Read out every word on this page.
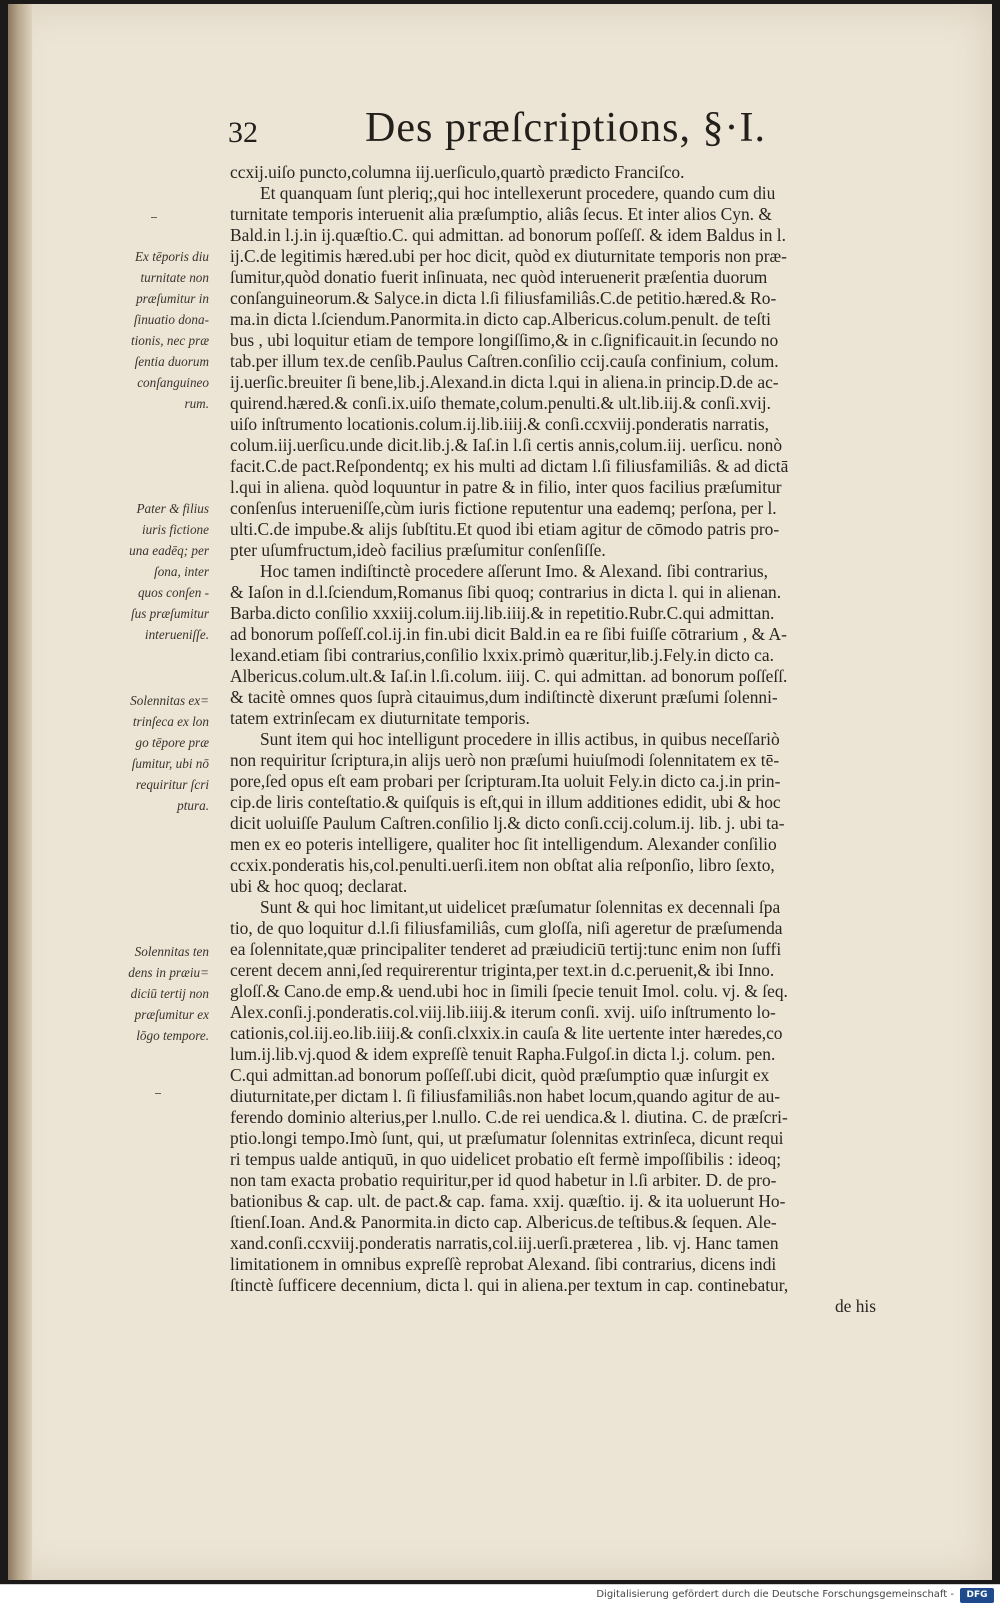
32	Des præſcriptions, §·I.
ccxij.uiſo puncto,columna iij.uerſiculo,quartò prædicto Franciſco.
Et quanquam ſunt pleriq;,qui hoc intellexerunt procedere, quando cum diu
turnitate temporis interuenit alia præſumptio, aliâs ſecus. Et inter alios Cyn. &
Bald.in l.j.in ij.quæſtio.C. qui admittan. ad bonorum poſſeſſ. & idem Baldus in l.
ij.C.de legitimis hæred.ubi per hoc dicit, quòd ex diuturnitate temporis non præ-
ſumitur,quòd donatio fuerit inſinuata, nec quòd interuenerit præſentia duorum
conſanguineorum.& Salyce.in dicta l.ſi filiusfamiliâs.C.de petitio.hæred.& Ro-
ma.in dicta l.ſciendum.Panormita.in dicto cap.Albericus.colum.penult. de teſti
bus , ubi loquitur etiam de tempore longiſſimo,& in c.ſignificauit.in ſecundo no
tab.per illum tex.de cenſib.Paulus Caſtren.conſilio ccij.cauſa confinium, colum.
ij.uerſic.breuiter ſi bene,lib.j.Alexand.in dicta l.qui in aliena.in princip.D.de ac-
quirend.hæred.& conſi.ix.uiſo themate,colum.penulti.& ult.lib.iij.& conſi.xvij.
uiſo inſtrumento locationis.colum.ij.lib.iiij.& conſi.ccxviij.ponderatis narratis,
colum.iij.uerſicu.unde dicit.lib.j.& Iaſ.in l.ſi certis annis,colum.iij. uerſicu. nonò
facit.C.de pact.Reſpondentq; ex his multi ad dictam l.ſi filiusfamiliâs. & ad dictā
l.qui in aliena. quòd loquuntur in patre & in filio, inter quos facilius præſumitur
conſenſus interueniſſe,cùm iuris fictione reputentur una eademq; perſona, per l.
ulti.C.de impube.& alijs ſubſtitu.Et quod ibi etiam agitur de cōmodo patris pro-
pter uſumfructum,ideò facilius præſumitur conſenſiſſe.
Hoc tamen indiſtinctè procedere aſſerunt Imo. & Alexand. ſibi contrarius,
& Iaſon in d.l.ſciendum,Romanus ſibi quoq; contrarius in dicta l. qui in alienan.
Barba.dicto conſilio xxxiij.colum.iij.lib.iiij.& in repetitio.Rubr.C.qui admittan.
ad bonorum poſſeſſ.col.ij.in fin.ubi dicit Bald.in ea re ſibi fuiſſe cōtrarium , & A-
lexand.etiam ſibi contrarius,conſilio lxxix.primò quæritur,lib.j.Fely.in dicto ca.
Albericus.colum.ult.& Iaſ.in l.ſi.colum. iiij. C. qui admittan. ad bonorum poſſeſſ.
& tacitè omnes quos ſuprà citauimus,dum indiſtinctè dixerunt præſumi ſolenni-
tatem extrinſecam ex diuturnitate temporis.
Sunt item qui hoc intelligunt procedere in illis actibus, in quibus neceſſariò
non requiritur ſcriptura,in alijs uerò non præſumi huiuſmodi ſolennitatem ex tē-
pore,ſed opus eſt eam probari per ſcripturam.Ita uoluit Fely.in dicto ca.j.in prin-
cip.de liris conteſtatio.& quiſquis is eſt,qui in illum additiones edidit, ubi & hoc
dicit uoluiſſe Paulum Caſtren.conſilio lj.& dicto conſi.ccij.colum.ij. lib. j. ubi ta-
men ex eo poteris intelligere, qualiter hoc ſit intelligendum. Alexander conſilio
ccxix.ponderatis his,col.penulti.uerſi.item non obſtat alia reſponſio, libro ſexto,
ubi & hoc quoq; declarat.
Sunt & qui hoc limitant,ut uidelicet præſumatur ſolennitas ex decennali ſpa
tio, de quo loquitur d.l.ſi filiusfamiliâs, cum gloſſa, niſi ageretur de præſumenda
ea ſolennitate,quæ principaliter tenderet ad præiudiciū tertij:tunc enim non ſuffi
cerent decem anni,ſed requirerentur triginta,per text.in d.c.peruenit,& ibi Inno.
gloſſ.& Cano.de emp.& uend.ubi hoc in ſimili ſpecie tenuit Imol. colu. vj. & ſeq.
Alex.conſi.j.ponderatis.col.viij.lib.iiij.& iterum conſi. xvij. uiſo inſtrumento lo-
cationis,col.iij.eo.lib.iiij.& conſi.clxxix.in cauſa & lite uertente inter hæredes,co
lum.ij.lib.vj.quod & idem expreſſè tenuit Rapha.Fulgoſ.in dicta l.j. colum. pen.
C.qui admittan.ad bonorum poſſeſſ.ubi dicit, quòd præſumptio quæ inſurgit ex
diuturnitate,per dictam l. ſi filiusfamiliâs.non habet locum,quando agitur de au-
ferendo dominio alterius,per l.nullo. C.de rei uendica.& l. diutina. C. de præſcri-
ptio.longi tempo.Imò ſunt, qui, ut præſumatur ſolennitas extrinſeca, dicunt requi
ri tempus ualde antiquū, in quo uidelicet probatio eſt fermè impoſſibilis : ideoq;
non tam exacta probatio requiritur,per id quod habetur in l.ſi arbiter. D. de pro-
bationibus & cap. ult. de pact.& cap. fama. xxij. quæſtio. ij. & ita uoluerunt Ho-
ſtienſ.Ioan. And.& Panormita.in dicto cap. Albericus.de teſtibus.& ſequen. Ale-
xand.conſi.ccxviij.ponderatis narratis,col.iij.uerſi.præterea , lib. vj. Hanc tamen
limitationem in omnibus expreſſè reprobat Alexand. ſibi contrarius, dicens indi
ſtinctè ſufficere decennium, dicta l. qui in aliena.per textum in cap. continebatur,
de his
Ex tēporis diu
turnitate non
præſumitur in
ſinuatio dona-
tionis, nec præ
ſentia duorum
conſanguineo
rum.
Pater & filius
iuris fictione
una eadēq; per
ſona, inter
quos conſen -
ſus præſumitur
interueniſſe.
Solennitas ex=
trinſeca ex lon
go tēpore præ
ſumitur, ubi nō
requiritur ſcri
ptura.
Solennitas ten
dens in præiu=
diciū tertij non
præſumitur ex
lōgo tempore.
Digitalisierung gefördert durch die Deutsche Forschungsgemeinschaft -	DFG
